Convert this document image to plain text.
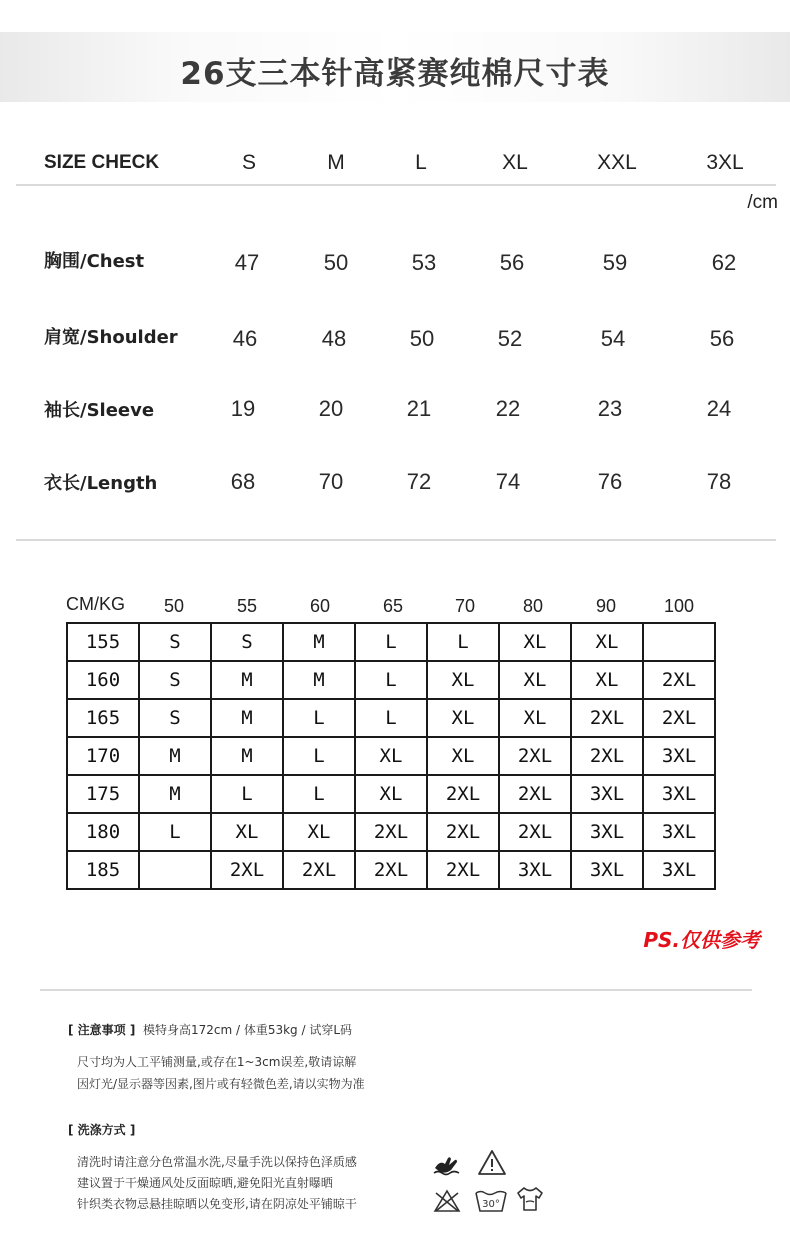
26支三本针高紧赛纯棉尺寸表
SIZE CHECK	S	M	L	XL	XXL	3XL
/cm
胸围/Chest	47	50	53	56	59	62
肩宽/Shoulder	46	48	50	52	54	56
袖长/Sleeve	19	20	21	22	23	24
衣长/Length	68	70	72	74	76	78
CM/KG	50	55	60	65	70	80	90	100
155	S	S	M	L	L	XL	XL	
160	S	M	M	L	XL	XL	XL	2XL
165	S	M	L	L	XL	XL	2XL	2XL
170	M	M	L	XL	XL	2XL	2XL	3XL
175	M	L	L	XL	2XL	2XL	3XL	3XL
180	L	XL	XL	2XL	2XL	2XL	3XL	3XL
185		2XL	2XL	2XL	2XL	3XL	3XL	3XL
PS.仅供参考
[ 注意事项 ] 模特身高172cm / 体重53kg / 试穿L码
尺寸均为人工平铺测量,或存在1~3cm误差,敬请谅解
因灯光/显示器等因素,图片或有轻微色差,请以实物为准
[ 洗涤方式 ]
清洗时请注意分色常温水洗,尽量手洗以保持色泽质感
建议置于干燥通风处反面晾晒,避免阳光直射曝晒
针织类衣物忌悬挂晾晒以免变形,请在阴凉处平铺晾干	30°
